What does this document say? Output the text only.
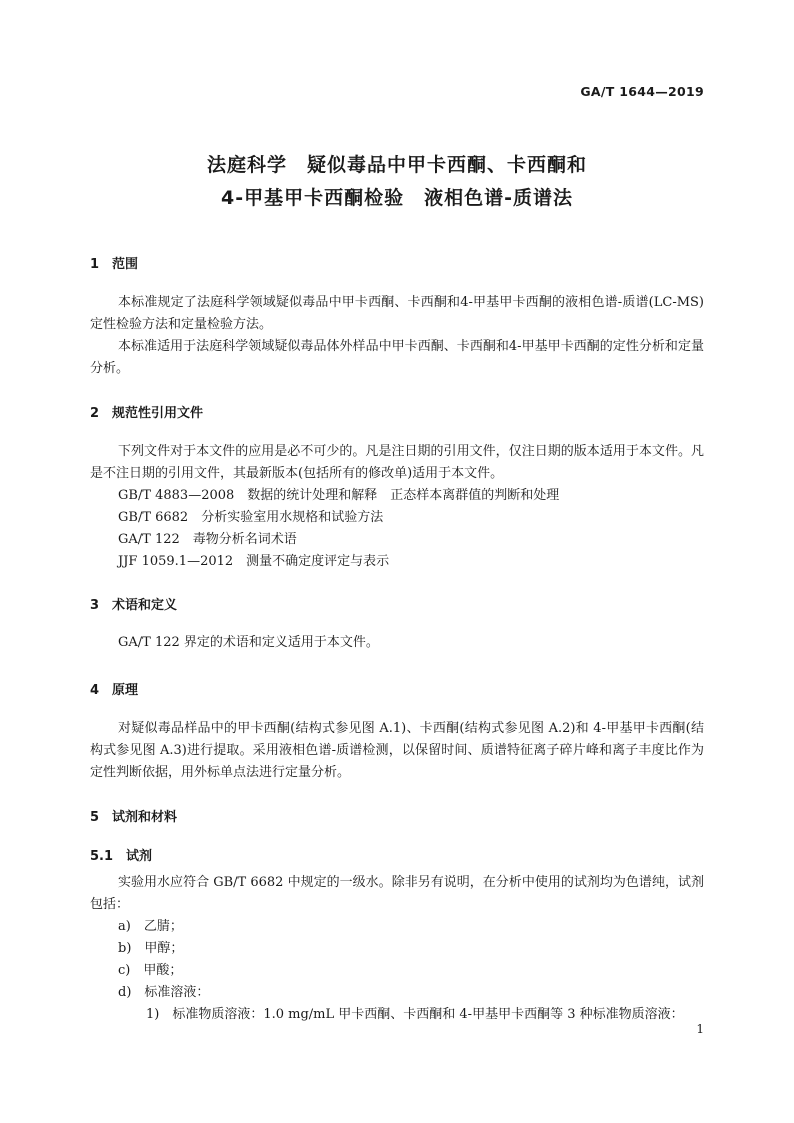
GA/T 1644—2019
法庭科学　疑似毒品中甲卡西酮、卡西酮和
4-甲基甲卡西酮检验　液相色谱-质谱法
1　范围
本标准规定了法庭科学领域疑似毒品中甲卡西酮、卡西酮和4-甲基甲卡西酮的液相色谱-质谱(LC-MS)定性检验方法和定量检验方法。
本标准适用于法庭科学领域疑似毒品体外样品中甲卡西酮、卡西酮和4-甲基甲卡西酮的定性分析和定量分析。
2　规范性引用文件
下列文件对于本文件的应用是必不可少的。凡是注日期的引用文件，仅注日期的版本适用于本文件。凡是不注日期的引用文件，其最新版本(包括所有的修改单)适用于本文件。
GB/T 4883—2008　数据的统计处理和解释　正态样本离群值的判断和处理
GB/T 6682　分析实验室用水规格和试验方法
GA/T 122　毒物分析名词术语
JJF 1059.1—2012　测量不确定度评定与表示
3　术语和定义
GA/T 122 界定的术语和定义适用于本文件。
4　原理
对疑似毒品样品中的甲卡西酮(结构式参见图 A.1)、卡西酮(结构式参见图 A.2)和 4-甲基甲卡西酮(结构式参见图 A.3)进行提取。采用液相色谱-质谱检测，以保留时间、质谱特征离子碎片峰和离子丰度比作为定性判断依据，用外标单点法进行定量分析。
5　试剂和材料
5.1　试剂
实验用水应符合 GB/T 6682 中规定的一级水。除非另有说明，在分析中使用的试剂均为色谱纯，试剂包括：
a)　乙腈；
b)　甲醇；
c)　甲酸；
d)　标准溶液：
1)　标准物质溶液：1.0 mg/mL 甲卡西酮、卡西酮和 4-甲基甲卡西酮等 3 种标准物质溶液：
1
